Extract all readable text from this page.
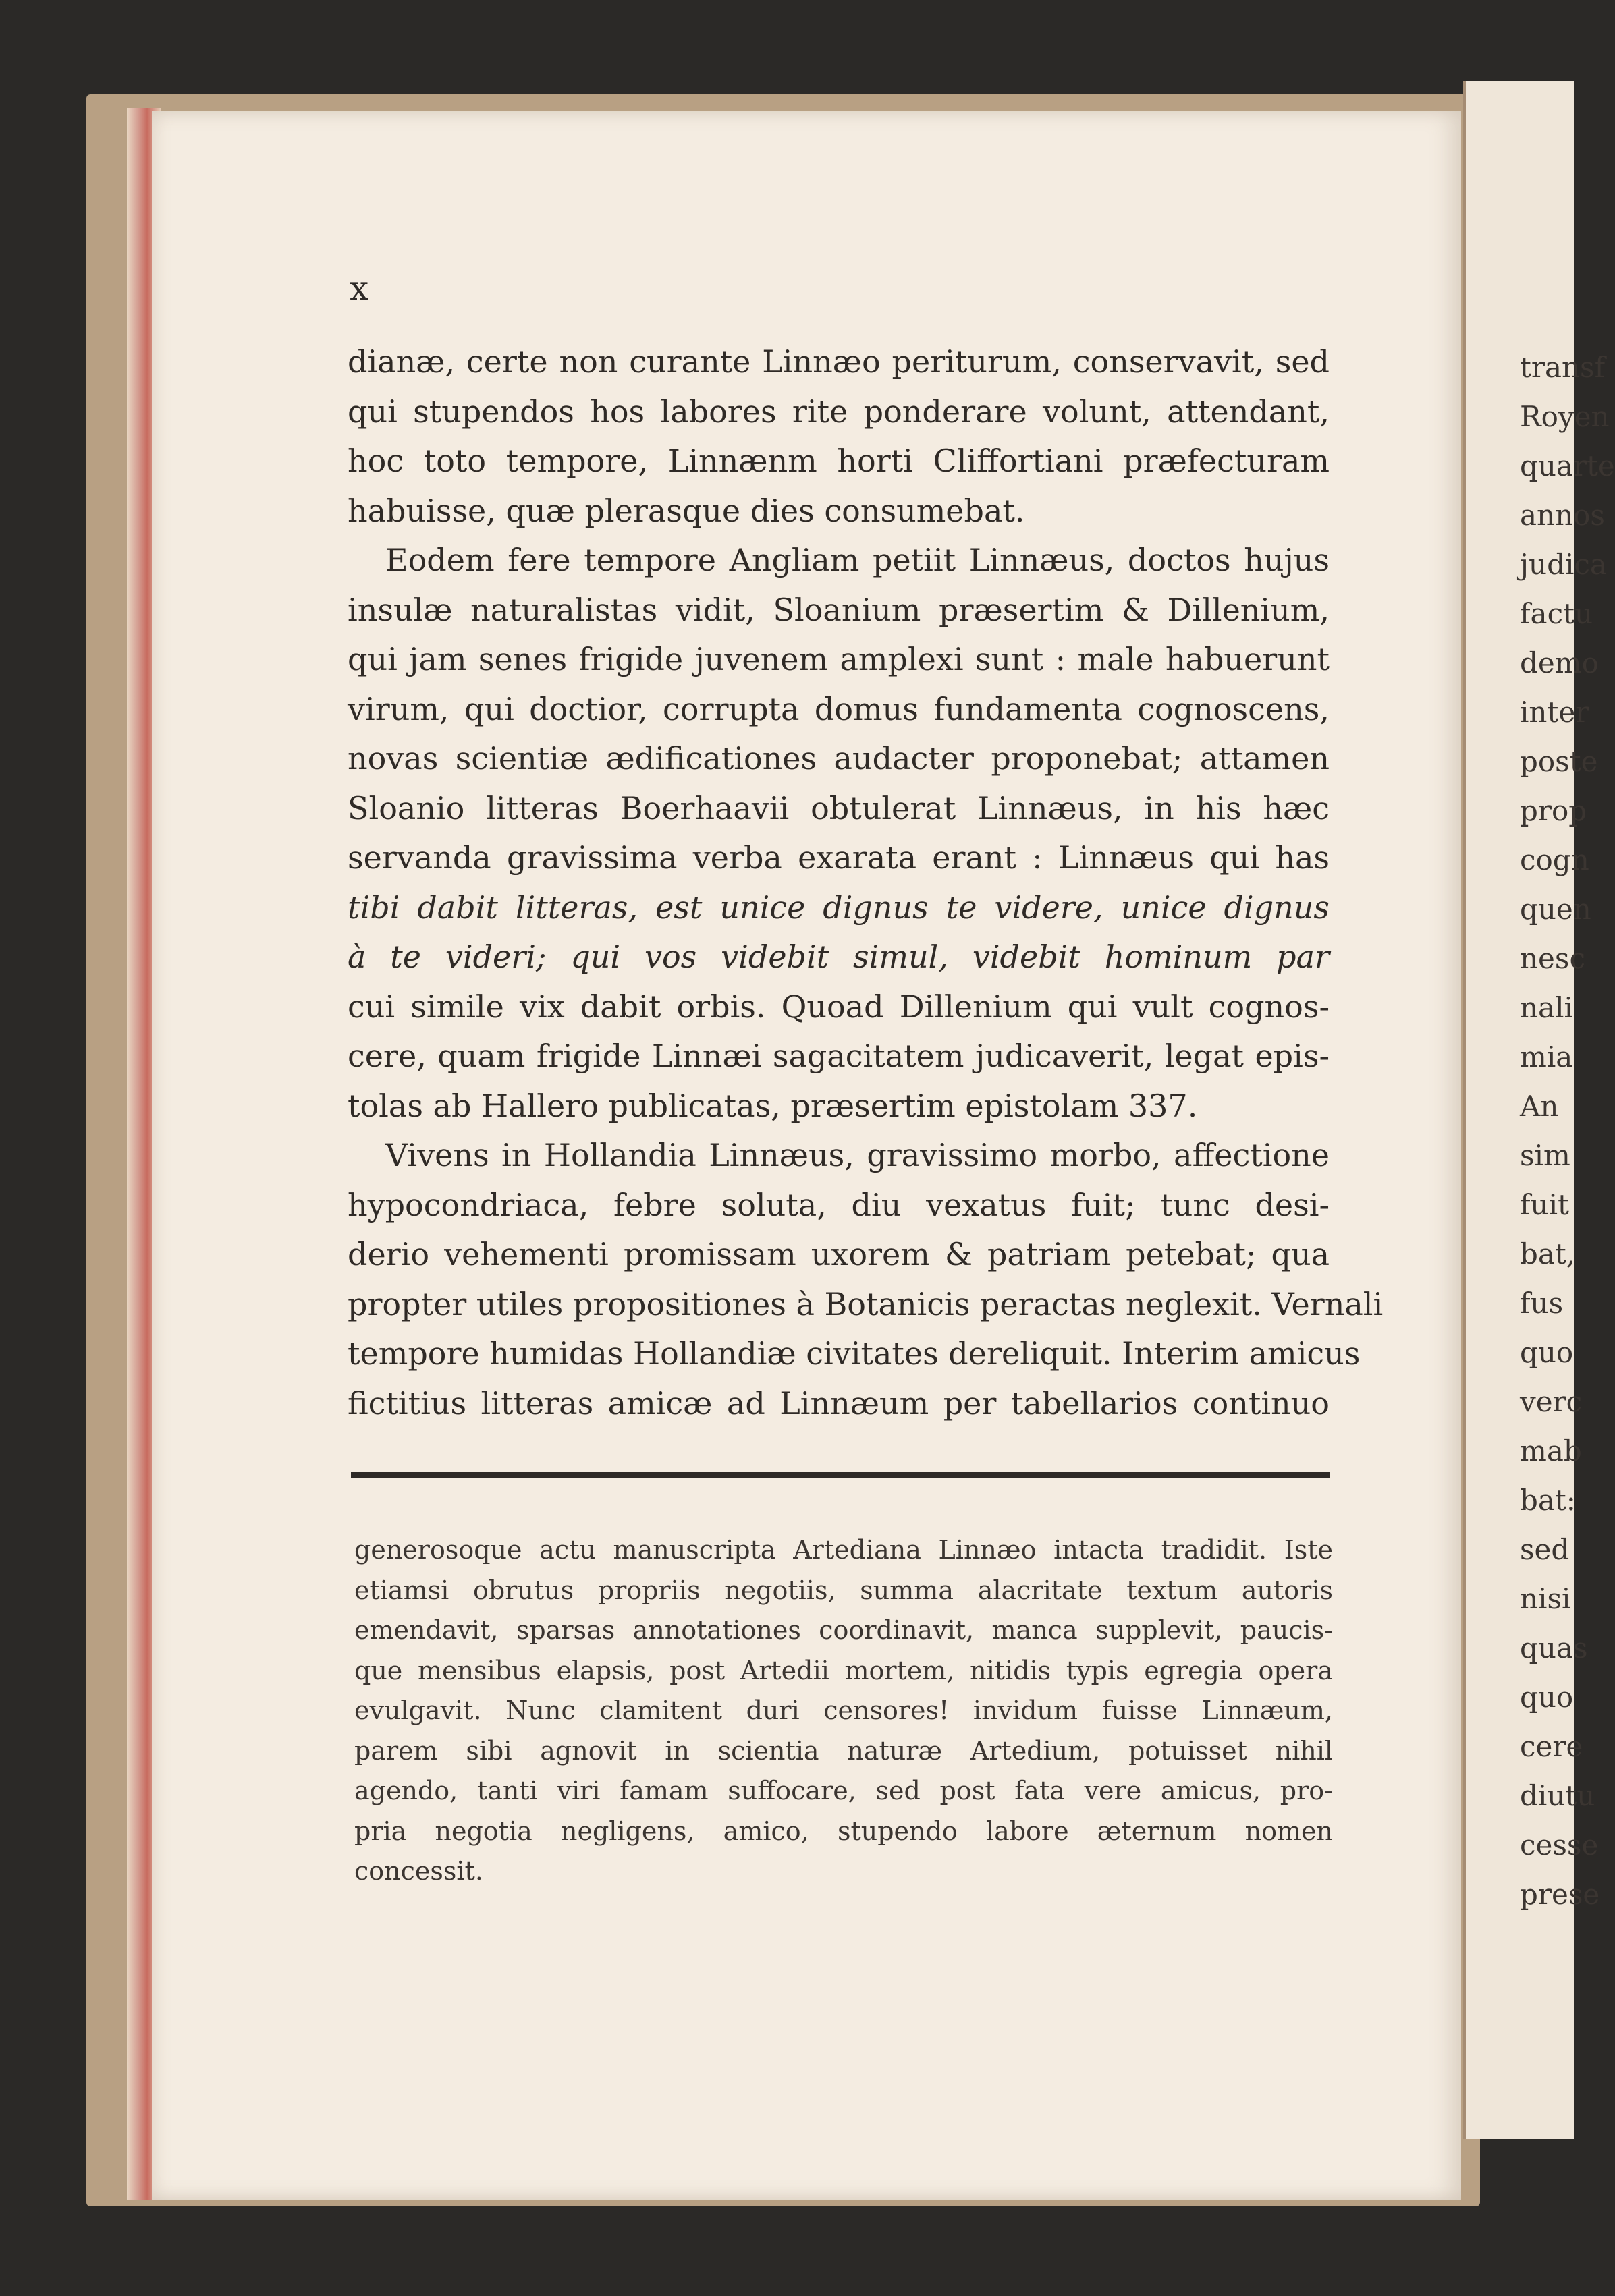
transf
Royen
quarte
annos
judica
factu
demo
inter
poste
prop
cogn
quen
nesc
nali
mia
An
sim
fuit
bat,
fus
quo
verc
mab
bat:
sed
nisi
quas
quo
cere
diutu
cesse
prese
x
dianæ, certe non curante Linnæo periturum, conservavit, sed
qui stupendos hos labores rite ponderare volunt, attendant,
hoc toto tempore, Linnænm horti Cliffortiani præfecturam
habuisse, quæ plerasque dies consumebat.
Eodem fere tempore Angliam petiit Linnæus, doctos hujus
insulæ naturalistas vidit, Sloanium præsertim & Dillenium,
qui jam senes frigide juvenem amplexi sunt : male habuerunt
virum, qui doctior, corrupta domus fundamenta cognoscens,
novas scientiæ ædificationes audacter proponebat; attamen
Sloanio litteras Boerhaavii obtulerat Linnæus, in his hæc
servanda gravissima verba exarata erant : Linnæus qui has
tibi dabit litteras, est unice dignus te videre, unice dignus
à te videri; qui vos videbit simul, videbit hominum par
cui simile vix dabit orbis. Quoad Dillenium qui vult cognos-
cere, quam frigide Linnæi sagacitatem judicaverit, legat epis-
tolas ab Hallero publicatas, præsertim epistolam 337.
Vivens in Hollandia Linnæus, gravissimo morbo, affectione
hypocondriaca, febre soluta, diu vexatus fuit; tunc desi-
derio vehementi promissam uxorem & patriam petebat; qua
propter utiles propositiones à Botanicis peractas neglexit. Vernali
tempore humidas Hollandiæ civitates dereliquit. Interim amicus
fictitius litteras amicæ ad Linnæum per tabellarios continuo
generosoque actu manuscripta Artediana Linnæo intacta tradidit. Iste
etiamsi obrutus propriis negotiis, summa alacritate textum autoris
emendavit, sparsas annotationes coordinavit, manca supplevit, paucis-
que mensibus elapsis, post Artedii mortem, nitidis typis egregia opera
evulgavit. Nunc clamitent duri censores! invidum fuisse Linnæum,
parem sibi agnovit in scientia naturæ Artedium, potuisset nihil
agendo, tanti viri famam suffocare, sed post fata vere amicus, pro-
pria negotia negligens, amico, stupendo labore æternum nomen
concessit.
